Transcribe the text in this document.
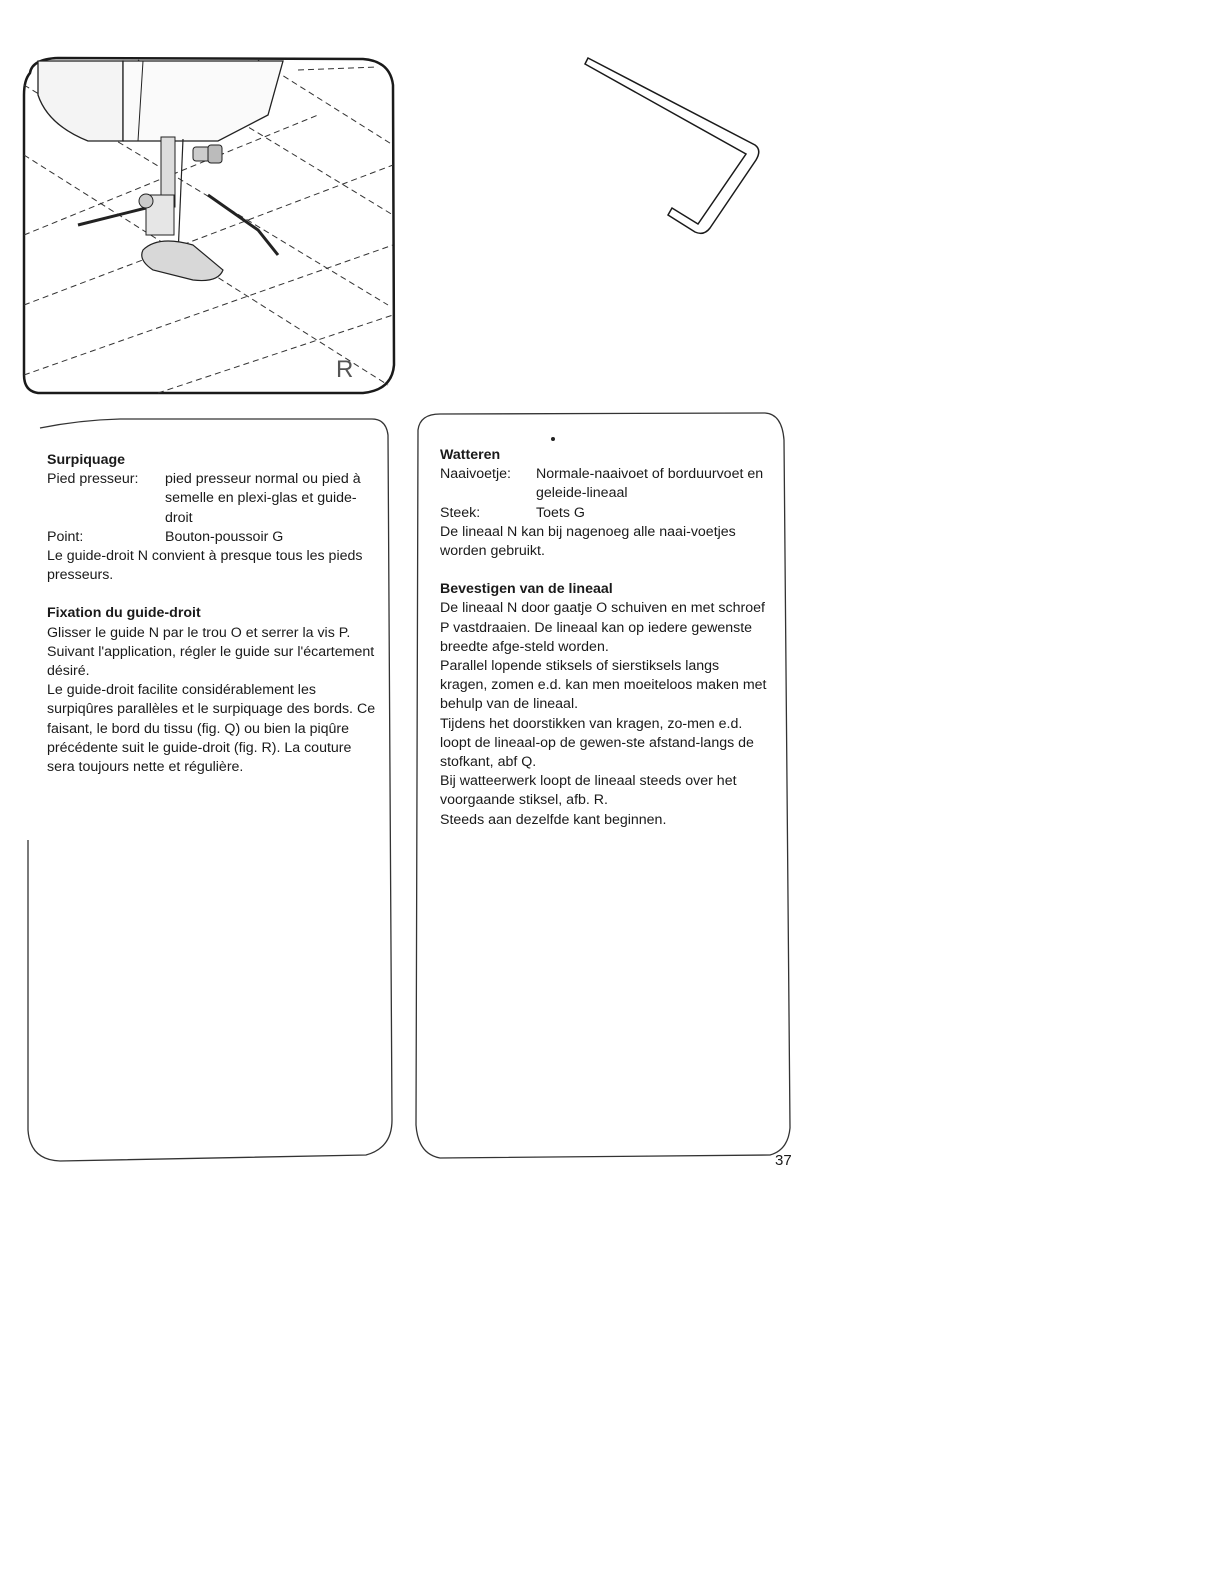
R
Surpiquage
Pied presseur:	pied presseur normal ou pied à semelle en plexi-glas et guide-droit
Point:	Bouton-poussoir G

Le guide-droit N convient à presque tous les pieds presseurs.

Fixation du guide-droit

Glisser le guide N par le trou O et serrer la vis P. Suivant l'application, régler le guide sur l'écartement désiré.

Le guide-droit facilite considérablement les surpiqûres parallèles et le surpiquage des bords. Ce faisant, le bord du tissu (fig. Q) ou bien la piqûre précédente suit le guide-droit (fig. R). La couture sera toujours nette et régulière.

Watteren
Naaivoetje:	Normale-naaivoet of borduurvoet en geleide-lineaal
Steek:	Toets G

De lineaal N kan bij nagenoeg alle naai-voetjes worden gebruikt.

Bevestigen van de lineaal

De lineaal N door gaatje O schuiven en met schroef P vastdraaien. De lineaal kan op iedere gewenste breedte afge-steld worden.

Parallel lopende stiksels of sierstiksels langs kragen, zomen e.d. kan men moeiteloos maken met behulp van de lineaal.

Tijdens het doorstikken van kragen, zo-men e.d. loopt de lineaal-op de gewen-ste afstand-langs de stofkant, abf Q.

Bij watteerwerk loopt de lineaal steeds over het voorgaande stiksel, afb. R.

Steeds aan dezelfde kant beginnen.

37
